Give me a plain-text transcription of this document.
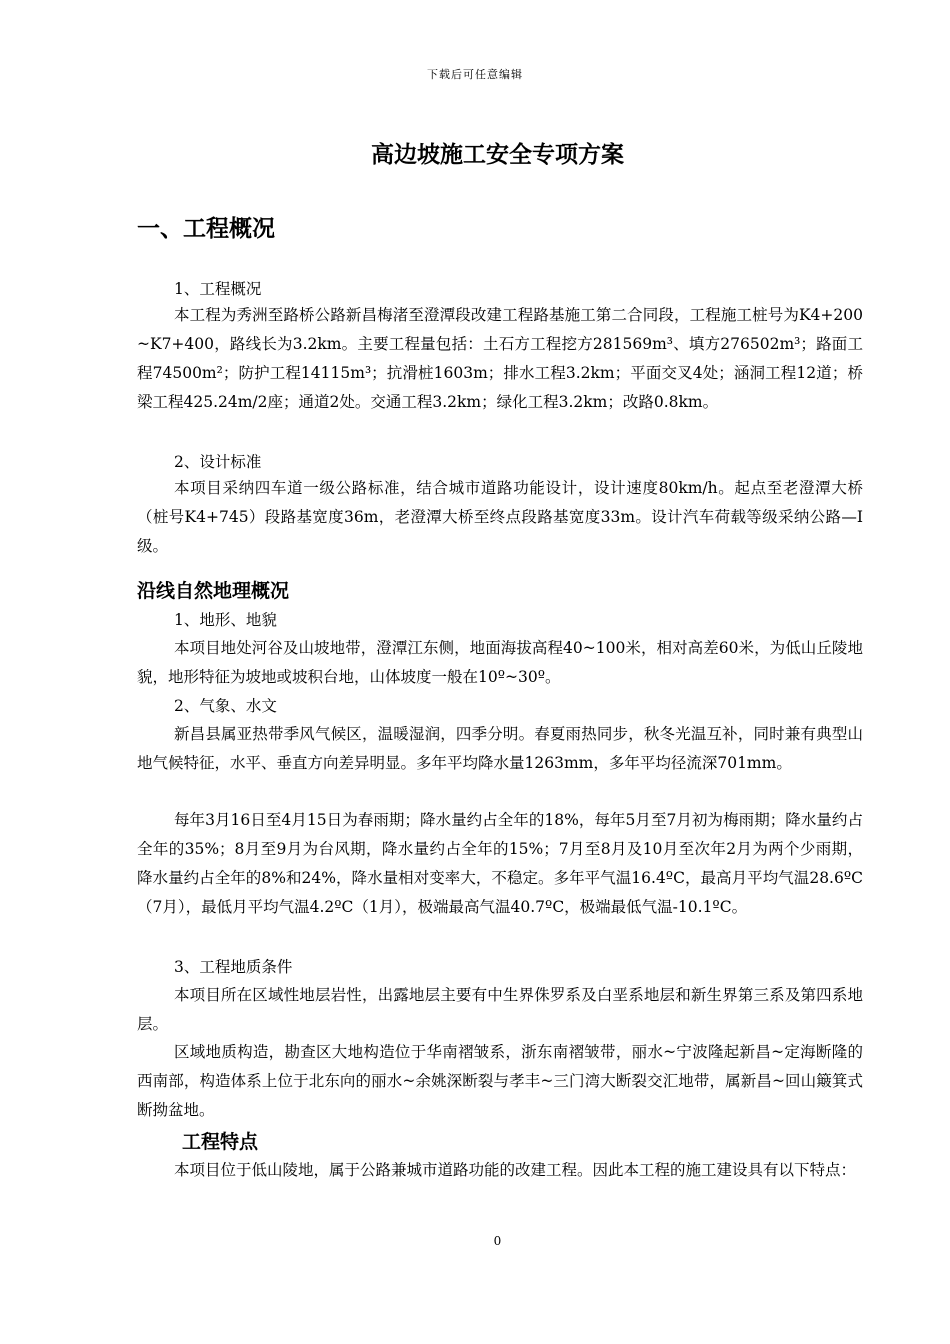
下载后可任意编辑
高边坡施工安全专项方案
一、工程概况
1、工程概况
本工程为秀洲至路桥公路新昌梅渚至澄潭段改建工程路基施工第二合同段，工程施工桩号为K4+200~K7+400，路线长为3.2km。主要工程量包括：土石方工程挖方281569m³、填方276502m³；路面工程74500m²；防护工程14115m³；抗滑桩1603m；排水工程3.2km；平面交叉4处；涵洞工程12道；桥梁工程425.24m/2座；通道2处。交通工程3.2km；绿化工程3.2km；改路0.8km。
2、设计标准
本项目采纳四车道一级公路标准，结合城市道路功能设计，设计速度80km/h。起点至老澄潭大桥（桩号K4+745）段路基宽度36m，老澄潭大桥至终点段路基宽度33m。设计汽车荷载等级采纳公路—I级。
沿线自然地理概况
1、地形、地貌
本项目地处河谷及山坡地带，澄潭江东侧，地面海拔高程40~100米，相对高差60米，为低山丘陵地貌，地形特征为坡地或坡积台地，山体坡度一般在10º~30º。
2、气象、水文
新昌县属亚热带季风气候区，温暖湿润，四季分明。春夏雨热同步，秋冬光温互补，同时兼有典型山地气候特征，水平、垂直方向差异明显。多年平均降水量1263mm，多年平均径流深701mm。
每年3月16日至4月15日为春雨期；降水量约占全年的18%，每年5月至7月初为梅雨期；降水量约占全年的35%；8月至9月为台风期，降水量约占全年的15%；7月至8月及10月至次年2月为两个少雨期，降水量约占全年的8%和24%，降水量相对变率大，不稳定。多年平气温16.4ºC，最高月平均气温28.6ºC（7月），最低月平均气温4.2ºC（1月），极端最高气温40.7ºC，极端最低气温-10.1ºC。
3、工程地质条件
本项目所在区域性地层岩性，出露地层主要有中生界侏罗系及白垩系地层和新生界第三系及第四系地层。
区域地质构造，勘查区大地构造位于华南褶皱系，浙东南褶皱带，丽水~宁波隆起新昌~定海断隆的西南部，构造体系上位于北东向的丽水~余姚深断裂与孝丰~三门湾大断裂交汇地带，属新昌~回山簸箕式断拗盆地。
工程特点
本项目位于低山陵地，属于公路兼城市道路功能的改建工程。因此本工程的施工建设具有以下特点：
0
